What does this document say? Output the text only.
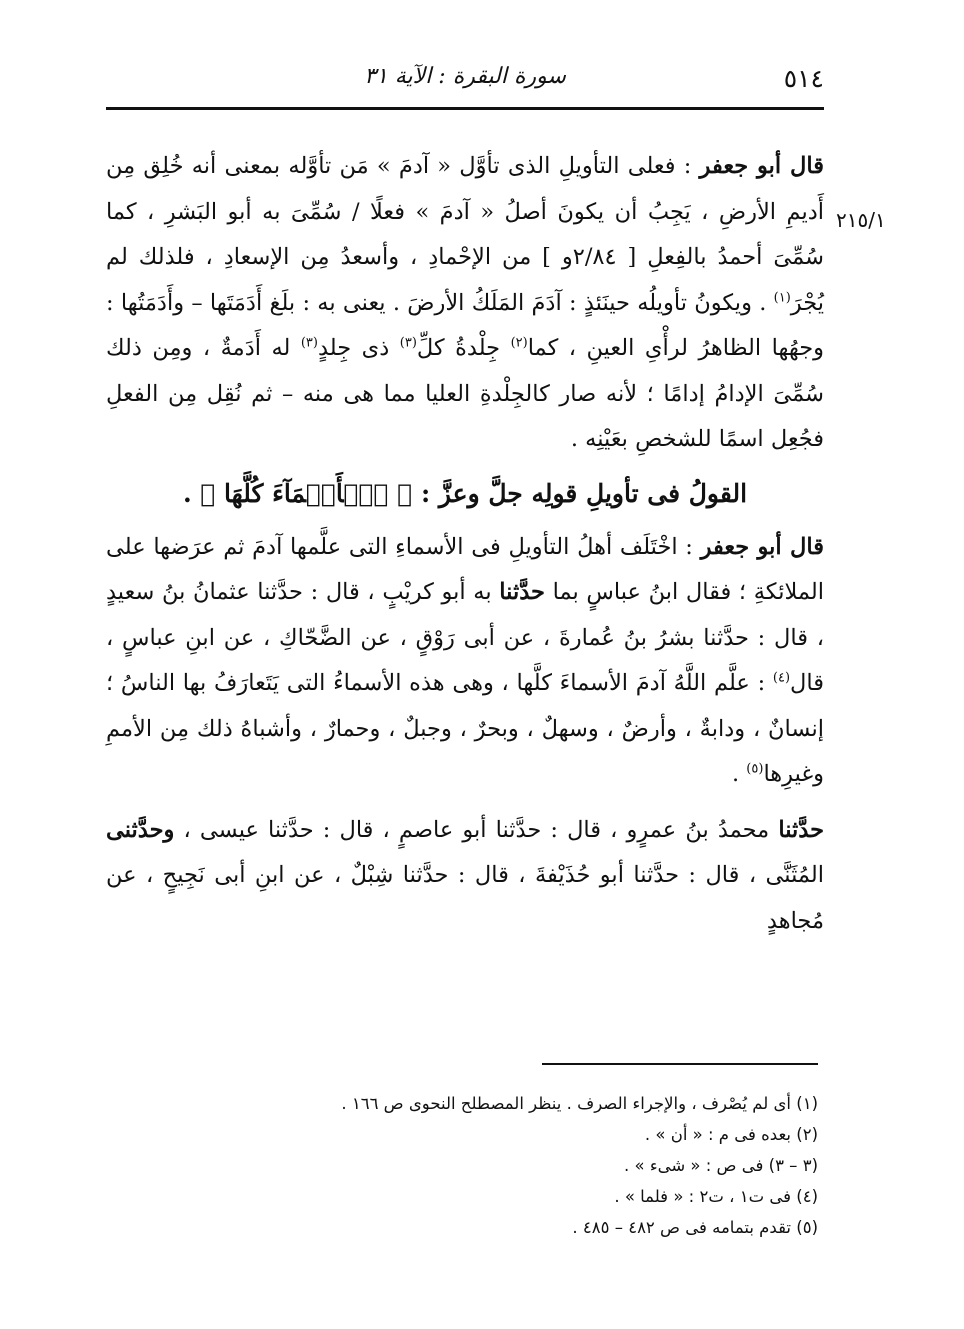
٥١٤
سورة البقرة : الآية ٣١
٢١٥/١

قال أبو جعفر : فعلى التأويلِ الذى تأوَّل « آدمَ » مَن تأوَّله بمعنى أنه خُلِق مِن أَديمِ الأرضِ ، يَجِبُ أن يكونَ أصلُ « آدمَ » فعلًا / سُمِّىَ به أبو البَشرِ ، كما سُمِّىَ أحمدُ بالفِعلِ [ ٢/٨٤و ] من الإحْمادِ ، وأسعدُ مِن الإسعادِ ، فلذلك لم يُجْرَ$^{(١)}$ . ويكونُ تأويلُه حينَئذٍ : آدَمَ المَلَكُ الأرضَ . يعنى به : بلَغ أَدَمَتَها – وأَدَمَتُها : وجهُها الظاهرُ لرأْىِ العينِ ، كما$^{(٢)}$ جِلْدةُ كلِّ$^{(٣)}$ ذى جِلدٍ$^{(٣)}$ له أَدَمةٌ ، ومِن ذلك سُمِّىَ الإدامُ إدامًا ؛ لأنه صار كالجِلْدةِ العليا مما هى منه – ثم نُقِل مِن الفعلِ فجُعِل اسمًا للشخصِ بعَيْنِه .

القولُ فى تأويلِ قولِه جلَّ وعزَّ : ﴿ ٱلۡأَسۡمَآءَ كُلَّهَا ﴾ .

قال أبو جعفر : اخْتَلَف أهلُ التأويلِ فى الأسماءِ التى علَّمها آدمَ ثم عرَضها على الملائكةِ ؛ فقال ابنُ عباسٍ بما حدَّثنا به أبو كريْبٍ ، قال : حدَّثنا عثمانُ بنُ سعيدٍ ، قال : حدَّثنا بشرُ بنُ عُمارةَ ، عن أبى رَوْقٍ ، عن الضَّحّاكِ ، عن ابنِ عباسٍ ، قال$^{(٤)}$ : علَّم اللَّهُ آدمَ الأسماءَ كلَّها ، وهى هذه الأسماءُ التى يَتَعارَفُ بها الناسُ ؛ إنسانٌ ، ودابةٌ ، وأرضٌ ، وسهلٌ ، وبحرٌ ، وجبلٌ ، وحمارٌ ، وأشباهُ ذلك مِن الأممِ وغيرِها$^{(٥)}$ .

حدَّثنا محمدُ بنُ عمرٍو ، قال : حدَّثنا أبو عاصمٍ ، قال : حدَّثنا عيسى ، وحدَّثنى المُثَنَّى ، قال : حدَّثنا أبو حُذَيْفةَ ، قال : حدَّثنا شِبْلٌ ، عن ابنِ أبى نَجِيحٍ ، عن مُجاهدٍ

(١) أى لم يُصْرف ، والإجراء الصرف . ينظر المصطلح النحوى ص ١٦٦ .
(٢) بعده فى م : « أن » .
(٣ – ٣) فى ص : « شىء » .
(٤) فى ت١ ، ت٢ : « فلما » .
(٥) تقدم بتمامه فى ص ٤٨٢ – ٤٨٥ .
